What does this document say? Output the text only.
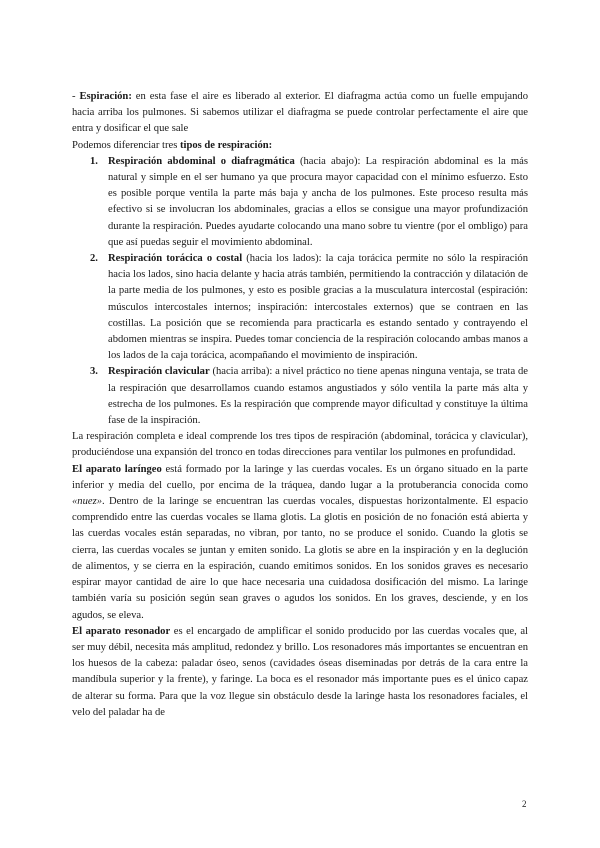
- Espiración: en esta fase el aire es liberado al exterior. El diafragma actúa como un fuelle empujando hacia arriba los pulmones. Si sabemos utilizar el diafragma se puede controlar perfectamente el aire que entra y dosificar el que sale

Podemos diferenciar tres tipos de respiración:

1. Respiración abdominal o diafragmática (hacia abajo): La respiración abdominal es la más natural y simple en el ser humano ya que procura mayor capacidad con el mínimo esfuerzo. Esto es posible porque ventila la parte más baja y ancha de los pulmones. Este proceso resulta más efectivo si se involucran los abdominales, gracias a ellos se consigue una mayor profundización durante la respiración. Puedes ayudarte colocando una mano sobre tu vientre (por el ombligo) para que así puedas seguir el movimiento abdominal.
2. Respiración torácica o costal (hacia los lados): la caja torácica permite no sólo la respiración hacia los lados, sino hacia delante y hacia atrás también, permitiendo la contracción y dilatación de la parte media de los pulmones, y esto es posible gracias a la musculatura intercostal (espiración: músculos intercostales internos; inspiración: intercostales externos) que se contraen en las costillas. La posición que se recomienda para practicarla es estando sentado y contrayendo el abdomen mientras se inspira. Puedes tomar conciencia de la respiración colocando ambas manos a los lados de la caja torácica, acompañando el movimiento de inspiración.
3. Respiración clavicular (hacia arriba): a nivel práctico no tiene apenas ninguna ventaja, se trata de la respiración que desarrollamos cuando estamos angustiados y sólo ventila la parte más alta y estrecha de los pulmones. Es la respiración que comprende mayor dificultad y constituye la última fase de la inspiración.

La respiración completa e ideal comprende los tres tipos de respiración (abdominal, torácica y clavicular), produciéndose una expansión del tronco en todas direcciones para ventilar los pulmones en profundidad.

El aparato laríngeo está formado por la laringe y las cuerdas vocales. Es un órgano situado en la parte inferior y media del cuello, por encima de la tráquea, dando lugar a la protuberancia conocida como «nuez». Dentro de la laringe se encuentran las cuerdas vocales, dispuestas horizontalmente. El espacio comprendido entre las cuerdas vocales se llama glotis. La glotis en posición de no fonación está abierta y las cuerdas vocales están separadas, no vibran, por tanto, no se produce el sonido. Cuando la glotis se cierra, las cuerdas vocales se juntan y emiten sonido. La glotis se abre en la inspiración y en la deglución de alimentos, y se cierra en la espiración, cuando emitimos sonidos. En los sonidos graves es necesario espirar mayor cantidad de aire lo que hace necesaria una cuidadosa dosificación del mismo. La laringe también varía su posición según sean graves o agudos los sonidos. En los graves, desciende, y en los agudos, se eleva.

El aparato resonador es el encargado de amplificar el sonido producido por las cuerdas vocales que, al ser muy débil, necesita más amplitud, redondez y brillo. Los resonadores más importantes se encuentran en los huesos de la cabeza: paladar óseo, senos (cavidades óseas diseminadas por detrás de la cara entre la mandíbula superior y la frente), y faringe. La boca es el resonador más importante pues es el único capaz de alterar su forma. Para que la voz llegue sin obstáculo desde la laringe hasta los resonadores faciales, el velo del paladar ha de

2
